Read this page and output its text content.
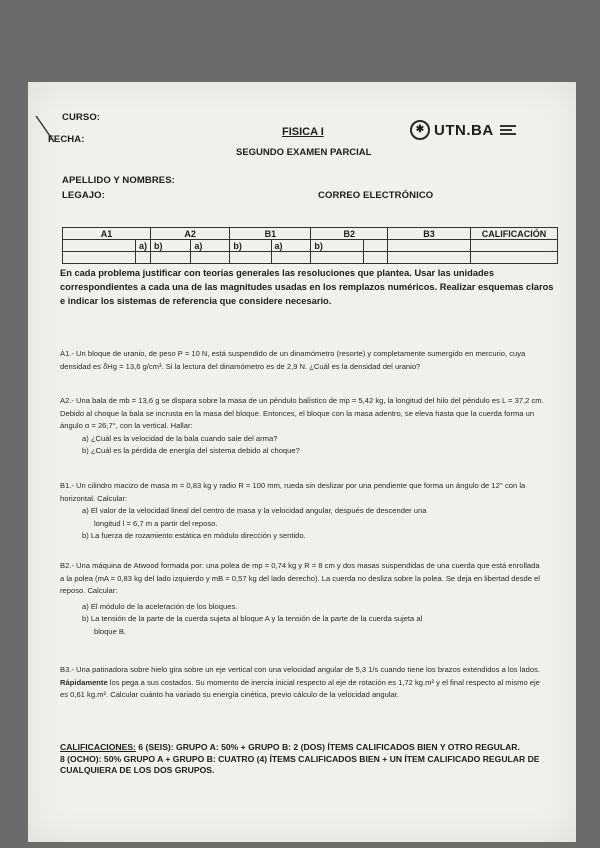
CURSO:
FECHA:
FISICA I
SEGUNDO EXAMEN PARCIAL
✱ UTN.BA
APELLIDO Y NOMBRES:
LEGAJO:	CORREO ELECTRÓNICO
A1		A2		B1		B2		B3	CALIFICACIÓN
	a)	b)	a)	b)	a)	b)			

En cada problema justificar con teorías generales las resoluciones que plantea. Usar las unidades correspondientes a cada una de las magnitudes usadas en los remplazos numéricos. Realizar esquemas claros e indicar los sistemas de referencia que considere necesario.
A1.- Un bloque de uranio, de peso P = 10 N, está suspendido de un dinamómetro (resorte) y completamente sumergido en mercurio, cuya densidad es δHg = 13,6 g/cm³. Si la lectura del dinamómetro es de 2,9 N. ¿Cuál es la densidad del uranio?
A2.- Una bala de mb = 13,6 g se dispara sobre la masa de un péndulo balístico de mp = 5,42 kg, la longitud del hilo del péndulo es L = 37,2 cm. Debido al choque la bala se incrusta en la masa del bloque. Entonces, el bloque con la masa adentro, se eleva hasta que la cuerda forma un ángulo α = 26,7°, con la vertical. Hallar:
a) ¿Cuál es la velocidad de la bala cuando sale del arma?
b) ¿Cuál es la pérdida de energía del sistema debido al choque?
B1.- Un cilindro macizo de masa m = 0,83 kg y radio R = 100 mm, rueda sin deslizar por una pendiente que forma un ángulo de 12° con la horizontal. Calcular:
a) El valor de la velocidad lineal del centro de masa y la velocidad angular, después de descender una
longitud l = 6,7 m a partir del reposo.
b) La fuerza de rozamiento estática en módulo dirección y sentido.
B2.- Una máquina de Atwood formada por: una polea de mp = 0,74 kg y R = 8 cm y dos masas suspendidas de una cuerda que está enrollada a la polea (mA = 0,83 kg del lado izquierdo y mB = 0,57 kg del lado derecho). La cuerda no desliza sobre la polea. Se deja en libertad desde el reposo. Calcular:
a) El módulo de la aceleración de los bloques.
b) La tensión de la parte de la cuerda sujeta al bloque A y la tensión de la parte de la cuerda sujeta al
bloque B.
B3.- Una patinadora sobre hielo gira sobre un eje vertical con una velocidad angular de 5,3 1/s cuando tiene los brazos extendidos a los lados. Rápidamente los pega a sus costados. Su momento de inercia inicial respecto al eje de rotación es 1,72 kg.m² y el final respecto al mismo eje es 0,61 kg.m². Calcular cuánto ha variado su energía cinética, previo cálculo de la velocidad angular.
CALIFICACIONES: 6 (SEIS): GRUPO A: 50% + GRUPO B: 2 (DOS) ÍTEMS CALIFICADOS BIEN Y OTRO REGULAR.
8 (OCHO): 50% GRUPO A + GRUPO B: CUATRO (4) ÍTEMS CALIFICADOS BIEN + UN ÍTEM CALIFICADO REGULAR DE CUALQUIERA DE LOS DOS GRUPOS.
